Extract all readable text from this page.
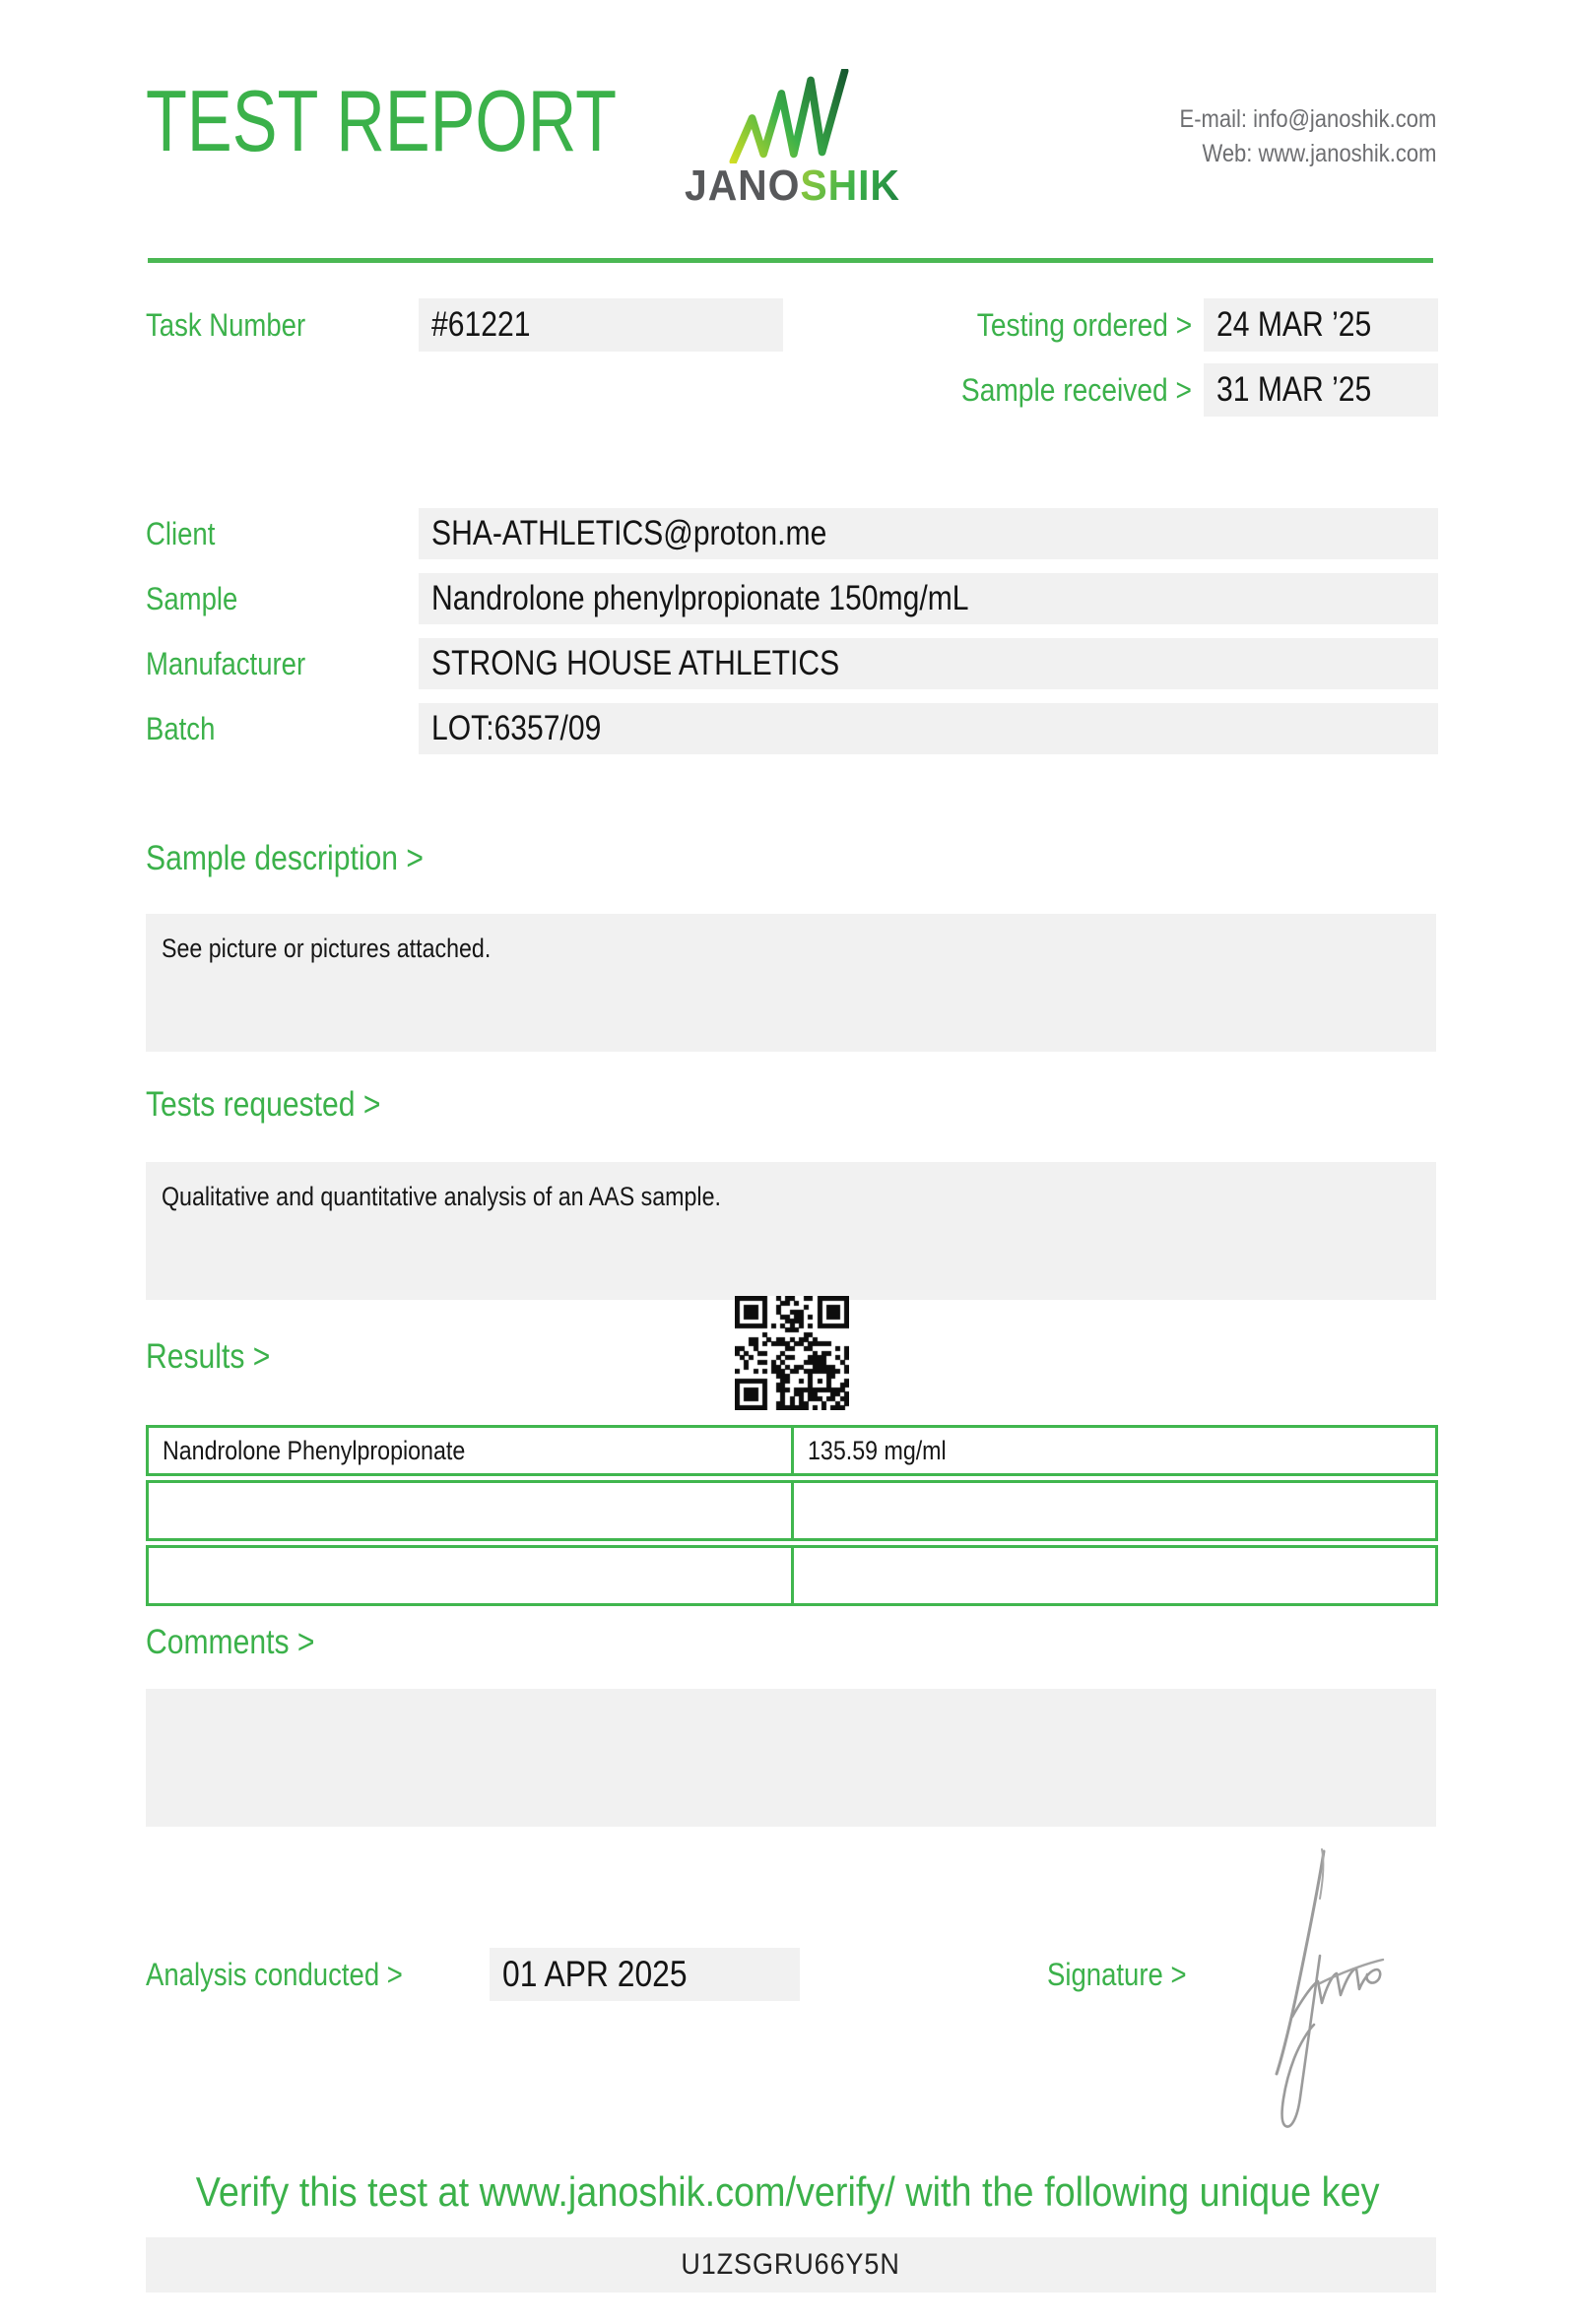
TEST REPORT
JANOSHIK
E-mail: info@janoshik.com
Web: www.janoshik.com
Task Number	#61221	Testing ordered > 24 MAR ’25
Sample received > 31 MAR ’25
Client	SHA-ATHLETICS@proton.me
Sample	Nandrolone phenylpropionate 150mg/mL
Manufacturer	STRONG HOUSE ATHLETICS
Batch	LOT:6357/09
Sample description >
See picture or pictures attached.
Tests requested >
Qualitative and quantitative analysis of an AAS sample.
Results >
Nandrolone Phenylpropionate	135.59 mg/ml
Comments >
Analysis conducted >	01 APR 2025	Signature >
Verify this test at www.janoshik.com/verify/ with the following unique key
U1ZSGRU66Y5N
